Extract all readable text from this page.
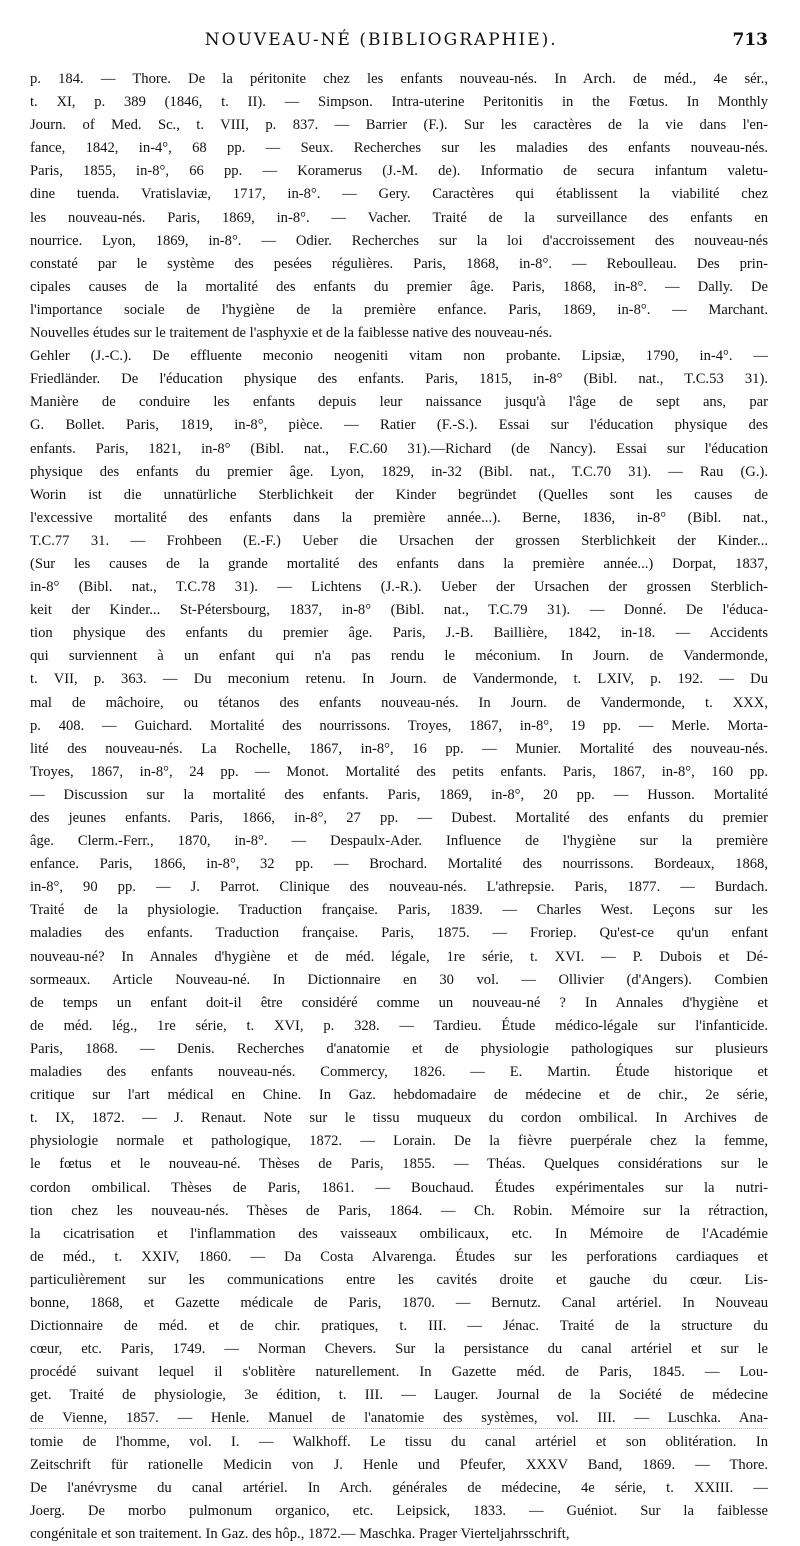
NOUVEAU-NÉ (BIBLIOGRAPHIE).	713
p. 184. — Thore. De la péritonite chez les enfants nouveau-nés. In Arch. de méd., 4e sér.,
t. XI, p. 389 (1846, t. II). — Simpson. Intra-uterine Peritonitis in the Fœtus. In Monthly
Journ. of Med. Sc., t. VIII, p. 837. — Barrier (F.). Sur les caractères de la vie dans l'en-
fance, 1842, in-4°, 68 pp. — Seux. Recherches sur les maladies des enfants nouveau-nés.
Paris, 1855, in-8°, 66 pp. — Koramerus (J.-M. de). Informatio de secura infantum valetu-
dine tuenda. Vratislaviæ, 1717, in-8°. — Gery. Caractères qui établissent la viabilité chez
les nouveau-nés. Paris, 1869, in-8°. — Vacher. Traité de la surveillance des enfants en
nourrice. Lyon, 1869, in-8°. — Odier. Recherches sur la loi d'accroissement des nouveau-nés
constaté par le système des pesées régulières. Paris, 1868, in-8°. — Reboulleau. Des prin-
cipales causes de la mortalité des enfants du premier âge. Paris, 1868, in-8°. — Dally. De
l'importance sociale de l'hygiène de la première enfance. Paris, 1869, in-8°. — Marchant.
Nouvelles études sur le traitement de l'asphyxie et de la faiblesse native des nouveau-nés.
Gehler (J.-C.). De effluente meconio neogeniti vitam non probante. Lipsiæ, 1790, in-4°. —
Friedländer. De l'éducation physique des enfants. Paris, 1815, in-8° (Bibl. nat., T.C.53 31).
Manière de conduire les enfants depuis leur naissance jusqu'à l'âge de sept ans, par
G. Bollet. Paris, 1819, in-8°, pièce. — Ratier (F.-S.). Essai sur l'éducation physique des
enfants. Paris, 1821, in-8° (Bibl. nat., F.C.60 31).—Richard (de Nancy). Essai sur l'éducation
physique des enfants du premier âge. Lyon, 1829, in-32 (Bibl. nat., T.C.70 31). — Rau (G.).
Worin ist die unnatürliche Sterblichkeit der Kinder begründet (Quelles sont les causes de
l'excessive mortalité des enfants dans la première année...). Berne, 1836, in-8° (Bibl. nat.,
T.C.77 31. — Frohbeen (E.-F.) Ueber die Ursachen der grossen Sterblichkeit der Kinder...
(Sur les causes de la grande mortalité des enfants dans la première année...) Dorpat, 1837,
in-8° (Bibl. nat., T.C.78 31). — Lichtens (J.-R.). Ueber der Ursachen der grossen Sterblich-
keit der Kinder... St-Pétersbourg, 1837, in-8° (Bibl. nat., T.C.79 31). — Donné. De l'éduca-
tion physique des enfants du premier âge. Paris, J.-B. Baillière, 1842, in-18. — Accidents
qui surviennent à un enfant qui n'a pas rendu le méconium. In Journ. de Vandermonde,
t. VII, p. 363. — Du meconium retenu. In Journ. de Vandermonde, t. LXIV, p. 192. — Du
mal de mâchoire, ou tétanos des enfants nouveau-nés. In Journ. de Vandermonde, t. XXX,
p. 408. — Guichard. Mortalité des nourrissons. Troyes, 1867, in-8°, 19 pp. — Merle. Morta-
lité des nouveau-nés. La Rochelle, 1867, in-8°, 16 pp. — Munier. Mortalité des nouveau-nés.
Troyes, 1867, in-8°, 24 pp. — Monot. Mortalité des petits enfants. Paris, 1867, in-8°, 160 pp.
— Discussion sur la mortalité des enfants. Paris, 1869, in-8°, 20 pp. — Husson. Mortalité
des jeunes enfants. Paris, 1866, in-8°, 27 pp. — Dubest. Mortalité des enfants du premier
âge. Clerm.-Ferr., 1870, in-8°. — Despaulx-Ader. Influence de l'hygiène sur la première
enfance. Paris, 1866, in-8°, 32 pp. — Brochard. Mortalité des nourrissons. Bordeaux, 1868,
in-8°, 90 pp. — J. Parrot. Clinique des nouveau-nés. L'athrepsie. Paris, 1877. — Burdach.
Traité de la physiologie. Traduction française. Paris, 1839. — Charles West. Leçons sur les
maladies des enfants. Traduction française. Paris, 1875. — Froriep. Qu'est-ce qu'un enfant
nouveau-né? In Annales d'hygiène et de méd. légale, 1re série, t. XVI. — P. Dubois et Dé-
sormeaux. Article Nouveau-né. In Dictionnaire en 30 vol. — Ollivier (d'Angers). Combien
de temps un enfant doit-il être considéré comme un nouveau-né ? In Annales d'hygiène et
de méd. lég., 1re série, t. XVI, p. 328. — Tardieu. Étude médico-légale sur l'infanticide.
Paris, 1868. — Denis. Recherches d'anatomie et de physiologie pathologiques sur plusieurs
maladies des enfants nouveau-nés. Commercy, 1826. — E. Martin. Étude historique et
critique sur l'art médical en Chine. In Gaz. hebdomadaire de médecine et de chir., 2e série,
t. IX, 1872. — J. Renaut. Note sur le tissu muqueux du cordon ombilical. In Archives de
physiologie normale et pathologique, 1872. — Lorain. De la fièvre puerpérale chez la femme,
le fœtus et le nouveau-né. Thèses de Paris, 1855. — Théas. Quelques considérations sur le
cordon ombilical. Thèses de Paris, 1861. — Bouchaud. Études expérimentales sur la nutri-
tion chez les nouveau-nés. Thèses de Paris, 1864. — Ch. Robin. Mémoire sur la rétraction,
la cicatrisation et l'inflammation des vaisseaux ombilicaux, etc. In Mémoire de l'Académie
de méd., t. XXIV, 1860. — Da Costa Alvarenga. Études sur les perforations cardiaques et
particulièrement sur les communications entre les cavités droite et gauche du cœur. Lis-
bonne, 1868, et Gazette médicale de Paris, 1870. — Bernutz. Canal artériel. In Nouveau
Dictionnaire de méd. et de chir. pratiques, t. III. — Jénac. Traité de la structure du
cœur, etc. Paris, 1749. — Norman Chevers. Sur la persistance du canal artériel et sur le
procédé suivant lequel il s'oblitère naturellement. In Gazette méd. de Paris, 1845. — Lou-
get. Traité de physiologie, 3e édition, t. III. — Lauger. Journal de la Société de médecine
de Vienne, 1857. — Henle. Manuel de l'anatomie des systèmes, vol. III. — Luschka. Ana-
tomie de l'homme, vol. I. — Walkhoff. Le tissu du canal artériel et son oblitération. In
Zeitschrift für rationelle Medicin von J. Henle und Pfeufer, XXXV Band, 1869. — Thore.
De l'anévrysme du canal artériel. In Arch. générales de médecine, 4e série, t. XXIII. —
Joerg. De morbo pulmonum organico, etc. Leipsick, 1833. — Guéniot. Sur la faiblesse
congénitale et son traitement. In Gaz. des hôp., 1872.— Maschka. Prager Vierteljahrsschrift,
